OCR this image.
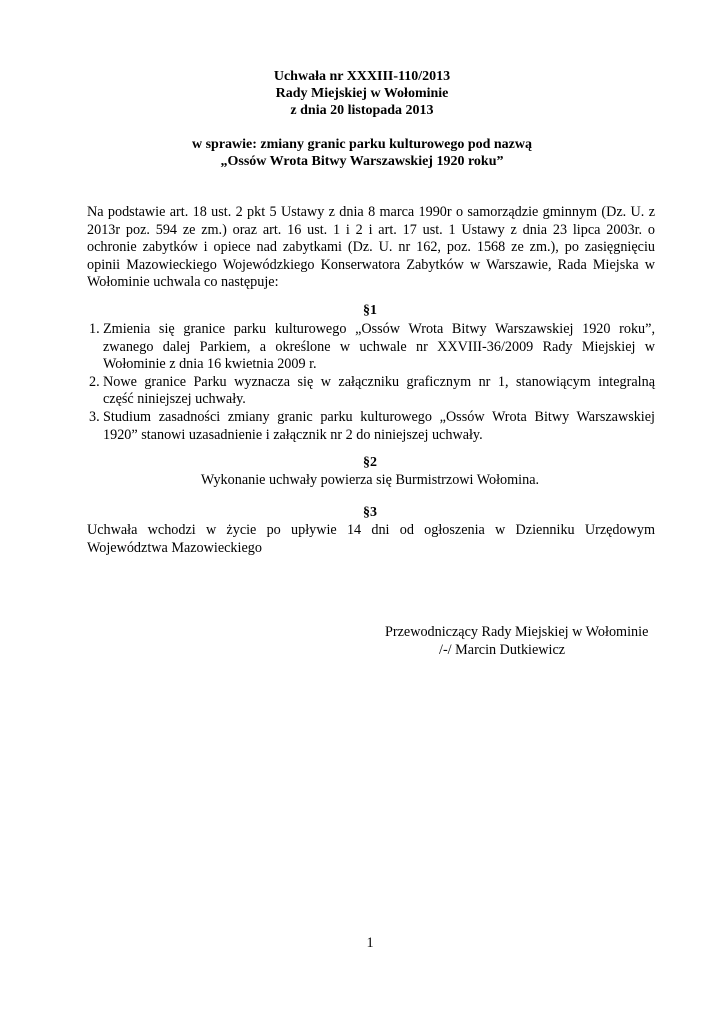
Uchwała nr XXXIII-110/2013
Rady Miejskiej w Wołominie
z dnia 20 listopada 2013
w sprawie: zmiany granic parku kulturowego pod nazwą
„Ossów Wrota Bitwy Warszawskiej 1920 roku”
Na podstawie art. 18 ust. 2 pkt 5 Ustawy z dnia 8 marca 1990r o samorządzie gminnym (Dz. U. z
2013r poz. 594 ze zm.) oraz art. 16 ust. 1 i 2 i art. 17 ust. 1 Ustawy z dnia 23 lipca 2003r. o
ochronie zabytków i opiece nad zabytkami (Dz. U. nr 162, poz. 1568 ze zm.), po zasięgnięciu
opinii Mazowieckiego Wojewódzkiego Konserwatora Zabytków w Warszawie, Rada Miejska w
Wołominie uchwala co następuje:
§1
1. Zmienia się granice parku kulturowego „Ossów Wrota Bitwy Warszawskiej 1920 roku”,
zwanego dalej Parkiem, a określone w uchwale nr XXVIII-36/2009 Rady Miejskiej w
Wołominie z dnia 16 kwietnia 2009 r.
2. Nowe granice Parku wyznacza się w załączniku graficznym nr 1, stanowiącym integralną
część niniejszej uchwały.
3. Studium zasadności zmiany granic parku kulturowego „Ossów Wrota Bitwy Warszawskiej
1920” stanowi uzasadnienie i załącznik nr 2 do niniejszej uchwały.
§2
Wykonanie uchwały powierza się Burmistrzowi Wołomina.
§3
Uchwała wchodzi w życie po upływie 14 dni od ogłoszenia w Dzienniku Urzędowym
Województwa Mazowieckiego
Przewodniczący Rady Miejskiej w Wołominie
/-/ Marcin Dutkiewicz
1
